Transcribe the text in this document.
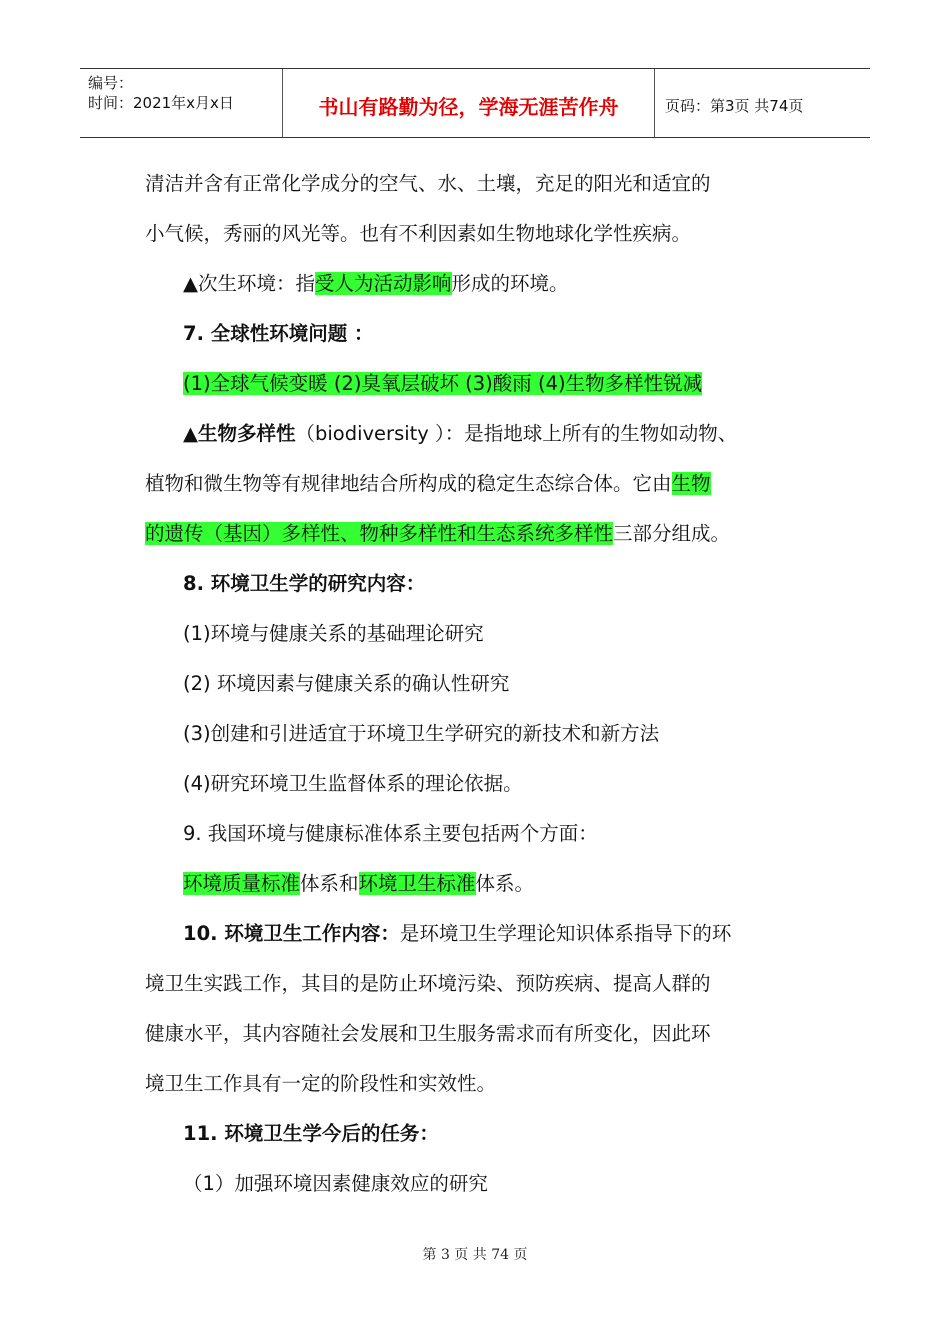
编号：
时间：2021年x月x日	书山有路勤为径，学海无涯苦作舟	页码：第3页 共74页
清洁并含有正常化学成分的空气、水、土壤，充足的阳光和适宜的
小气候，秀丽的风光等。也有不利因素如生物地球化学性疾病。
▲次生环境：指受人为活动影响形成的环境。
7. 全球性环境问题 ：
(1)全球气候变暖 (2)臭氧层破坏 (3)酸雨 (4)生物多样性锐减
▲生物多样性（biodiversity ）：是指地球上所有的生物如动物、
植物和微生物等有规律地结合所构成的稳定生态综合体。它由生物
的遗传（基因）多样性、物种多样性和生态系统多样性三部分组成。
8. 环境卫生学的研究内容：
(1)环境与健康关系的基础理论研究
(2) 环境因素与健康关系的确认性研究
(3)创建和引进适宜于环境卫生学研究的新技术和新方法
(4)研究环境卫生监督体系的理论依据。
9. 我国环境与健康标准体系主要包括两个方面：
环境质量标准体系和环境卫生标准体系。
10. 环境卫生工作内容：是环境卫生学理论知识体系指导下的环
境卫生实践工作，其目的是防止环境污染、预防疾病、提高人群的
健康水平，其内容随社会发展和卫生服务需求而有所变化，因此环
境卫生工作具有一定的阶段性和实效性。
11. 环境卫生学今后的任务：
（1）加强环境因素健康效应的研究
第 3 页 共 74 页
